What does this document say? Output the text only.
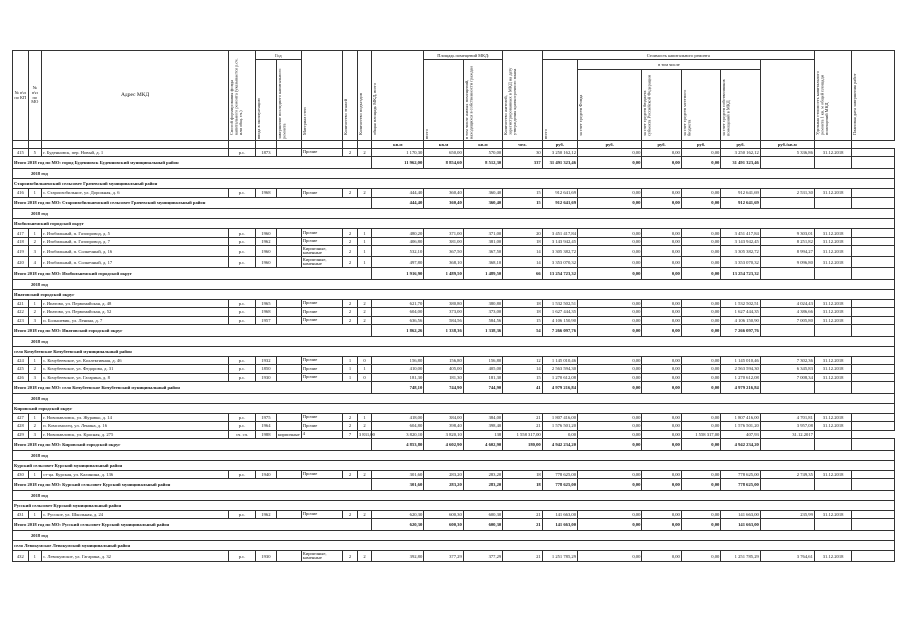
№ п\п по КП	№ п\п по МО	Адрес МКД	Способ формирования фонда капитального ремонта (указывается р.сч. или общ. сч.)	Год		Материал стен	Количество этажей	Количество подъездов	общая площадь МКД, всего	Площадь помещений МКД:		Количество жителей, зарегистрированных в МКД на дату утверждения краткосрочного плана	Стоимость капитального ремонта						Удельная стоимость капитального ремонта 1 кв. м общей площади помещений МКД	Плановая дата завершения работ

				ввода в эксплуатацию	завершение последнего капитального ремонта					всего	в том числе жилых помещений, находящихся в собственности граждан		всего	в том числе					

														за счет средств Фонда	за счет средств бюджета субъекта Российской Федерации	за счет средств местного бюджета	за счет средств собственников помещений в МКД			

									кв.м	кв.м	кв.м	чел.	руб.	руб.	руб.	руб.	руб.	руб./кв.м		
415	5	г. Буденновск, пер. Новый, д. 1	р.с.	1873		Прочие	2	2	1 170,30	650,00	570,00	30	3 250 162,12	0,00	0,00	0,00	3 250 162,12	5 336,86	31.12.2018	
Итого 2018 год по МО: город Буденновск Буденновский муниципальный район									11 962,00	8 854,60	8 512,30	337	31 491 323,46	0,00	0,00	0,00	31 491 323,46			
2018 год																				
Староизобильненский сельсовет Грачевский муниципальный район																				
416	1	с. Староизобильное, ул. Дорожная, д. 6	р.с.	1968		Прочие	2	2	444,40	360,40	360,40	15	912 641,69	0,00	0,00	0,00	912 641,69	2 531,30	31.12.2018	
Итого 2018 год по МО: Староизобильненский сельсовет Грачевский муниципальный район									444,40	360,40	360,40	15	912 641,69	0,00	0,00	0,00	912 641,69			
2018 год																				
Изобильненский городской округ																				
417	1	г. Изобильный, п. Газопровод, д. 5	р.с.	1960		Прочие	2	1	480,20	371,00	371,00	20	3 451 417,84	0,00	0,00	0,00	3 451 417,84	9 303,01	31.12.2018	
418	2	г. Изобильный, п. Газопровод, д. 7	р.с.	1962		Прочие	2	1	406,80	381,00	381,00	18	3 143 942,45	0,00	0,00	0,00	3 143 942,45	8 251,82	31.12.2018	
419	3	г. Изобильный, п. Солнечный, д. 16	р.с.	1960		Кирпичные, каменные	2	1	532,10	367,50	367,50	14	3 305 382,72	0,00	0,00	0,00	3 305 382,72	8 994,27	31.12.2018	
420	4	г. Изобильный, п. Солнечный, д. 17	р.с.	1960		Кирпичные, каменные	2	1	497,80	368,10	368,10	14	3 353 070,32	0,00	0,00	0,00	3 353 070,32	9 096,80	31.12.2018	
Итого 2018 год по МО: Изобильненский городской округ									1 916,90	1 489,50	1 489,50	66	13 254 723,32	0,00	0,00	0,00	13 254 723,32			
2018 год																				
Ипатовский городской округ																				
421	1	г. Ипатово, ул. Первомайская, д. 48	р.с.	1965		Прочие	2	2	621,70	380,80	380,80	18	1 532 502,51	0,00	0,00	0,00	1 532 502,51	4 024,43	31.12.2018	
422	2	г. Ипатово, ул. Первомайская, д. 52	р.с.	1968		Прочие	2	2	604,00	373,00	373,00	18	1 627 444,35	0,00	0,00	0,00	1 627 444,35	4 386,66	31.12.2018	
423	3	п. Большевик, ул. Ленина, д. 7	р.с.	1957		Прочие	2	2	636,56	584,56	584,56	15	4 106 150,90	0,00	0,00	0,00	4 106 150,90	7 005,80	31.12.2018	
Итого 2018 год по МО: Ипатовский городской округ									1 862,26	1 338,36	1 338,36	54	7 266 097,76	0,00	0,00	0,00	7 266 097,76			
2018 год																				
село Кочубеевское Кочубеевский муниципальный район																				
424	1	с. Кочубеевское, ул. Коллективная, д. 46	р.с.	1932		Прочие	1	0	156,80	156,80	156,80	12	1 145 010,46	0,00	0,00	0,00	1 145 010,46	7 302,36	31.12.2018	
425	2	с. Кочубеевское, ул. Федорова, д. 31	р.с.	1850		Прочие	1	1	410,00	405,00	405,00	14	2 563 594,30	0,00	0,00	0,00	2 563 594,30	6 345,83	31.12.2018	
426	3	с. Кочубеевское, ул. Гагарина, д. 8	р.с.	1930		Прочие	1	0	181,30	181,30	181,30	15	1 270 612,08	0,00	0,00	0,00	1 270 612,08	7 008,34	31.12.2018	
Итого 2018 год по МО: село Кочубеевское Кочубеевский муниципальный район									748,10	744,90	744,90	41	4 979 216,84	0,00	0,00	0,00	4 979 216,84			
2018 год																				
Кировский городской округ																				
427	1	г. Новопавловск, ул. Журавко, д. 14	р.с.	1975		Прочие	2	1	418,00	384,00	384,00	21	1 807 416,00	0,00	0,00	0,00	1 807 416,00	4 701,81	31.12.2018	
428	2	п. Комсомолец, ул. Ленина, д. 16	р.с.	1964		Прочие	2	2	604,80	398,40	398,40	21	1 576 501,20	0,00	0,00	0,00	1 576 501,20	3 957,08	31.12.2018	
429	3	г. Новопавловск, ул. Красная, д. 275	сч. сч.	1988	кирпичные	4	7	3 831,00	3 820,10	3 820,10	138	1 558 317,00	0,00	0,00	0,00	1 558 317,00	407,93	31.12.2017		
Итого 2018 год по МО: Кировский городской округ									4 853,80	4 602,90	4 602,90	180,00	4 942 234,20	0,00	0,00	0,00	4 942 234,20			
2018 год																				
Курский сельсовет Курский муниципальный район																				
430	1	ст-ца. Курская, ул. Калинина, д. 136	р.с.	1940		Прочие	2	2	301,60	283,20	283,20	18	778 625,00	0,00	0,00	0,00	778 625,00	2 749,35	31.12.2018	
Итого 2018 год по МО: Курский сельсовет Курский муниципальный район									301,60	283,20	283,20	18	778 625,00	0,00	0,00	0,00	778 625,00			
2018 год																				
Русский сельсовет Курский муниципальный район																				
431	1	с. Русское, ул. Школьная, д. 24	р.с.	1962		Прочие	2	2	620,30	600,30	600,30	21	141 663,00	0,00	0,00	0,00	141 663,00	235,99	31.12.2018	
Итого 2018 год по МО: Русский сельсовет Курский муниципальный район									620,30	600,30	600,30	21	141 663,00	0,00	0,00	0,00	141 663,00			
2018 год																				
село Левокумское Левокумский муниципальный район																				
432	1	с. Левокумское, ул. Гагарина, д. 32	р.с.	1930		Кирпичные, каменные	2	2	392,80	377,29	377,29	21	1 251 785,29	0,00	0,00	0,00	1 251 785,29	3 764,61	31.12.2018	
